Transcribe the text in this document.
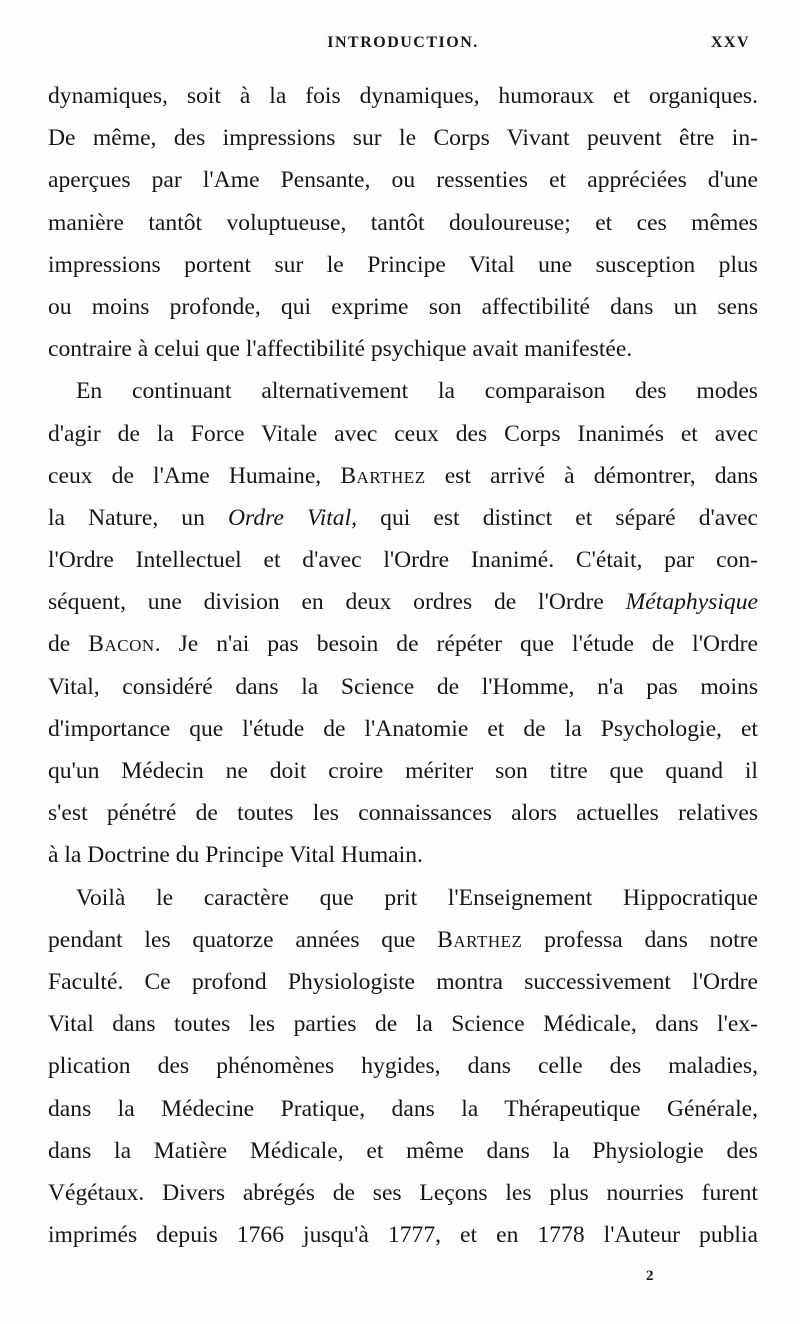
INTRODUCTION.	XXV
dynamiques, soit à la fois dynamiques, humoraux et organiques.
De même, des impressions sur le Corps Vivant peuvent être in-
aperçues par l'Ame Pensante, ou ressenties et appréciées d'une
manière tantôt voluptueuse, tantôt douloureuse; et ces mêmes
impressions portent sur le Principe Vital une susception plus
ou moins profonde, qui exprime son affectibilité dans un sens
contraire à celui que l'affectibilité psychique avait manifestée.
En continuant alternativement la comparaison des modes
d'agir de la Force Vitale avec ceux des Corps Inanimés et avec
ceux de l'Ame Humaine, Barthez est arrivé à démontrer, dans
la Nature, un Ordre Vital, qui est distinct et séparé d'avec
l'Ordre Intellectuel et d'avec l'Ordre Inanimé. C'était, par con-
séquent, une division en deux ordres de l'Ordre Métaphysique
de Bacon. Je n'ai pas besoin de répéter que l'étude de l'Ordre
Vital, considéré dans la Science de l'Homme, n'a pas moins
d'importance que l'étude de l'Anatomie et de la Psychologie, et
qu'un Médecin ne doit croire mériter son titre que quand il
s'est pénétré de toutes les connaissances alors actuelles relatives
à la Doctrine du Principe Vital Humain.
Voilà le caractère que prit l'Enseignement Hippocratique
pendant les quatorze années que Barthez professa dans notre
Faculté. Ce profond Physiologiste montra successivement l'Ordre
Vital dans toutes les parties de la Science Médicale, dans l'ex-
plication des phénomènes hygides, dans celle des maladies,
dans la Médecine Pratique, dans la Thérapeutique Générale,
dans la Matière Médicale, et même dans la Physiologie des
Végétaux. Divers abrégés de ses Leçons les plus nourries furent
imprimés depuis 1766 jusqu'à 1777, et en 1778 l'Auteur publia
2
